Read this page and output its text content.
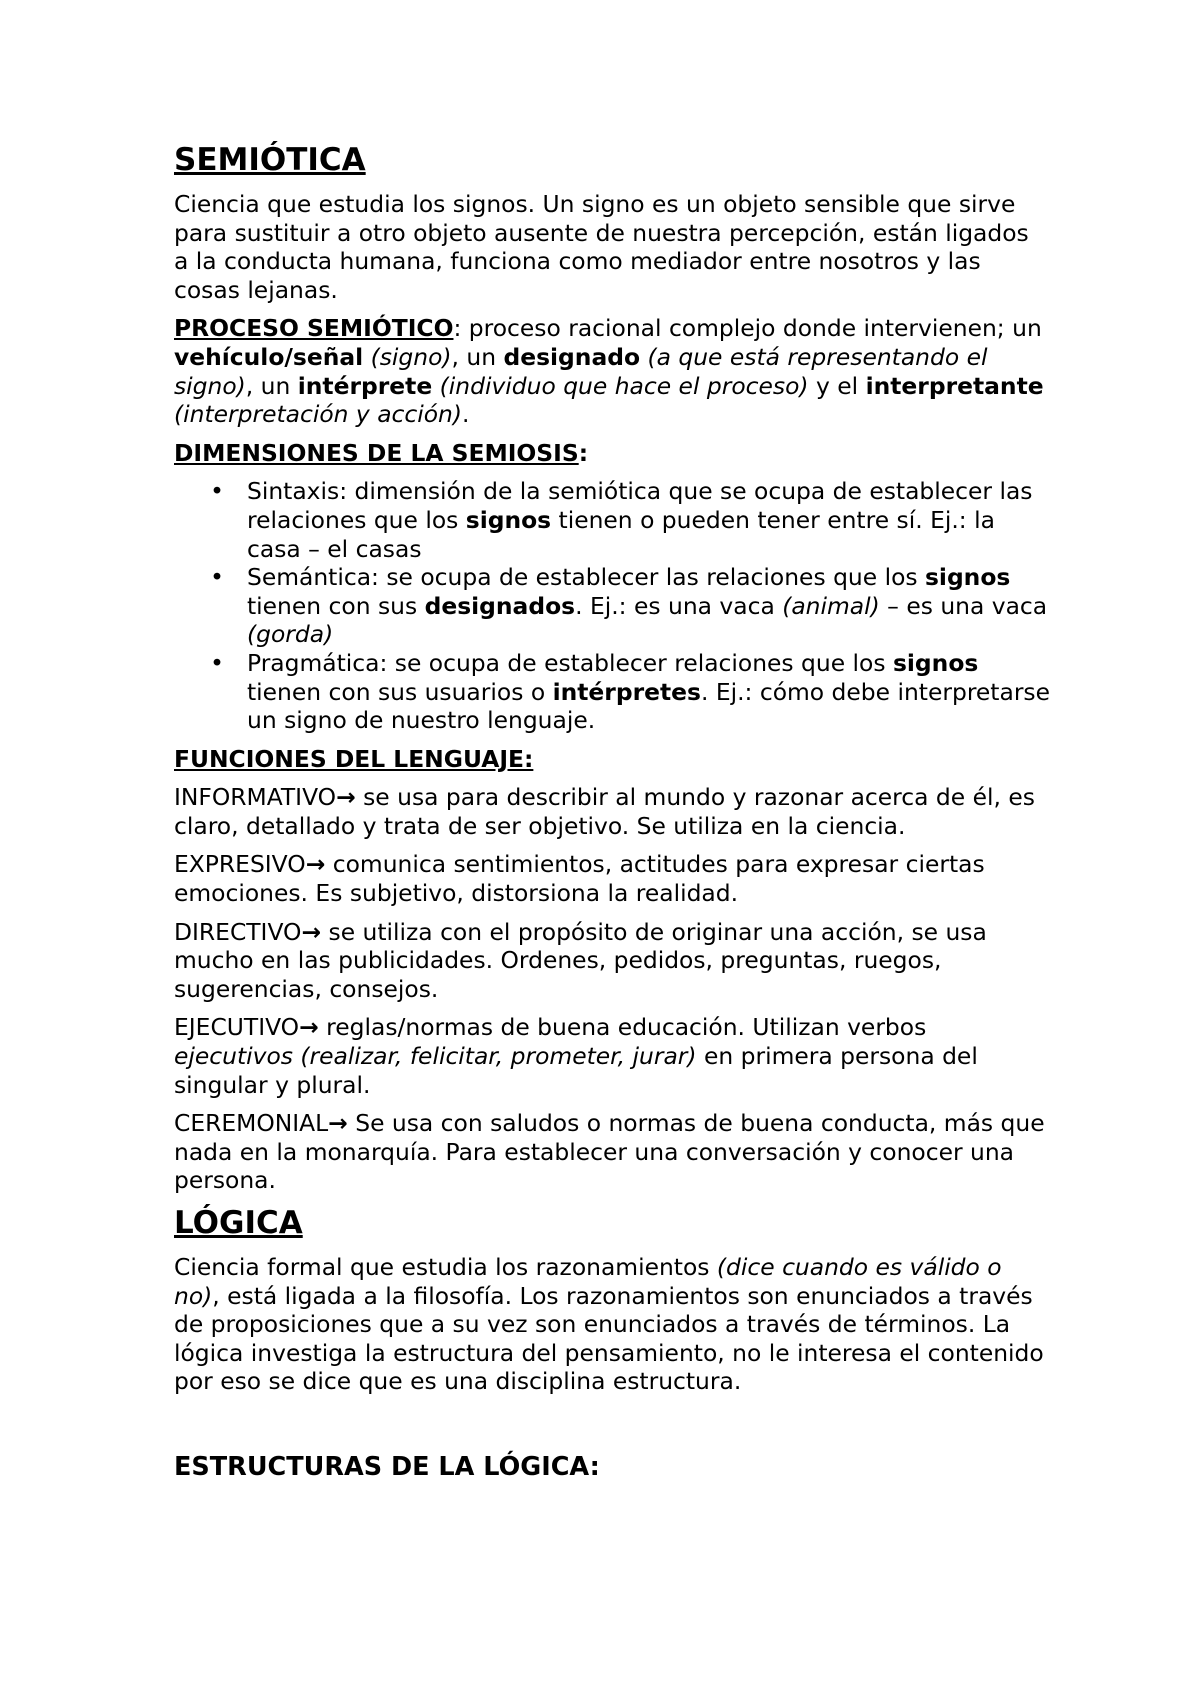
SEMIÓTICA

Ciencia que estudia los signos. Un signo es un objeto sensible que sirve para sustituir a otro objeto ausente de nuestra percepción, están ligados a la conducta humana, funciona como mediador entre nosotros y las cosas lejanas.

PROCESO SEMIÓTICO: proceso racional complejo donde intervienen; un vehículo/señal (signo), un designado (a que está representando el signo), un intérprete (individuo que hace el proceso) y el interpretante (interpretación y acción).

DIMENSIONES DE LA SEMIOSIS:
• Sintaxis: dimensión de la semiótica que se ocupa de establecer las relaciones que los signos tienen o pueden tener entre sí. Ej.: la casa – el casas
• Semántica: se ocupa de establecer las relaciones que los signos tienen con sus designados. Ej.: es una vaca (animal) – es una vaca (gorda)
• Pragmática: se ocupa de establecer relaciones que los signos tienen con sus usuarios o intérpretes. Ej.: cómo debe interpretarse un signo de nuestro lenguaje.
FUNCIONES DEL LENGUAJE:

INFORMATIVO→ se usa para describir al mundo y razonar acerca de él, es claro, detallado y trata de ser objetivo. Se utiliza en la ciencia.

EXPRESIVO→ comunica sentimientos, actitudes para expresar ciertas emociones. Es subjetivo, distorsiona la realidad.

DIRECTIVO→ se utiliza con el propósito de originar una acción, se usa mucho en las publicidades. Ordenes, pedidos, preguntas, ruegos, sugerencias, consejos.

EJECUTIVO→ reglas/normas de buena educación. Utilizan verbos ejecutivos (realizar, felicitar, prometer, jurar) en primera persona del singular y plural.

CEREMONIAL→ Se usa con saludos o normas de buena conducta, más que nada en la monarquía. Para establecer una conversación y conocer una persona.

LÓGICA

Ciencia formal que estudia los razonamientos (dice cuando es válido o no), está ligada a la filosofía. Los razonamientos son enunciados a través de proposiciones que a su vez son enunciados a través de términos. La lógica investiga la estructura del pensamiento, no le interesa el contenido por eso se dice que es una disciplina estructura.

ESTRUCTURAS DE LA LÓGICA:
